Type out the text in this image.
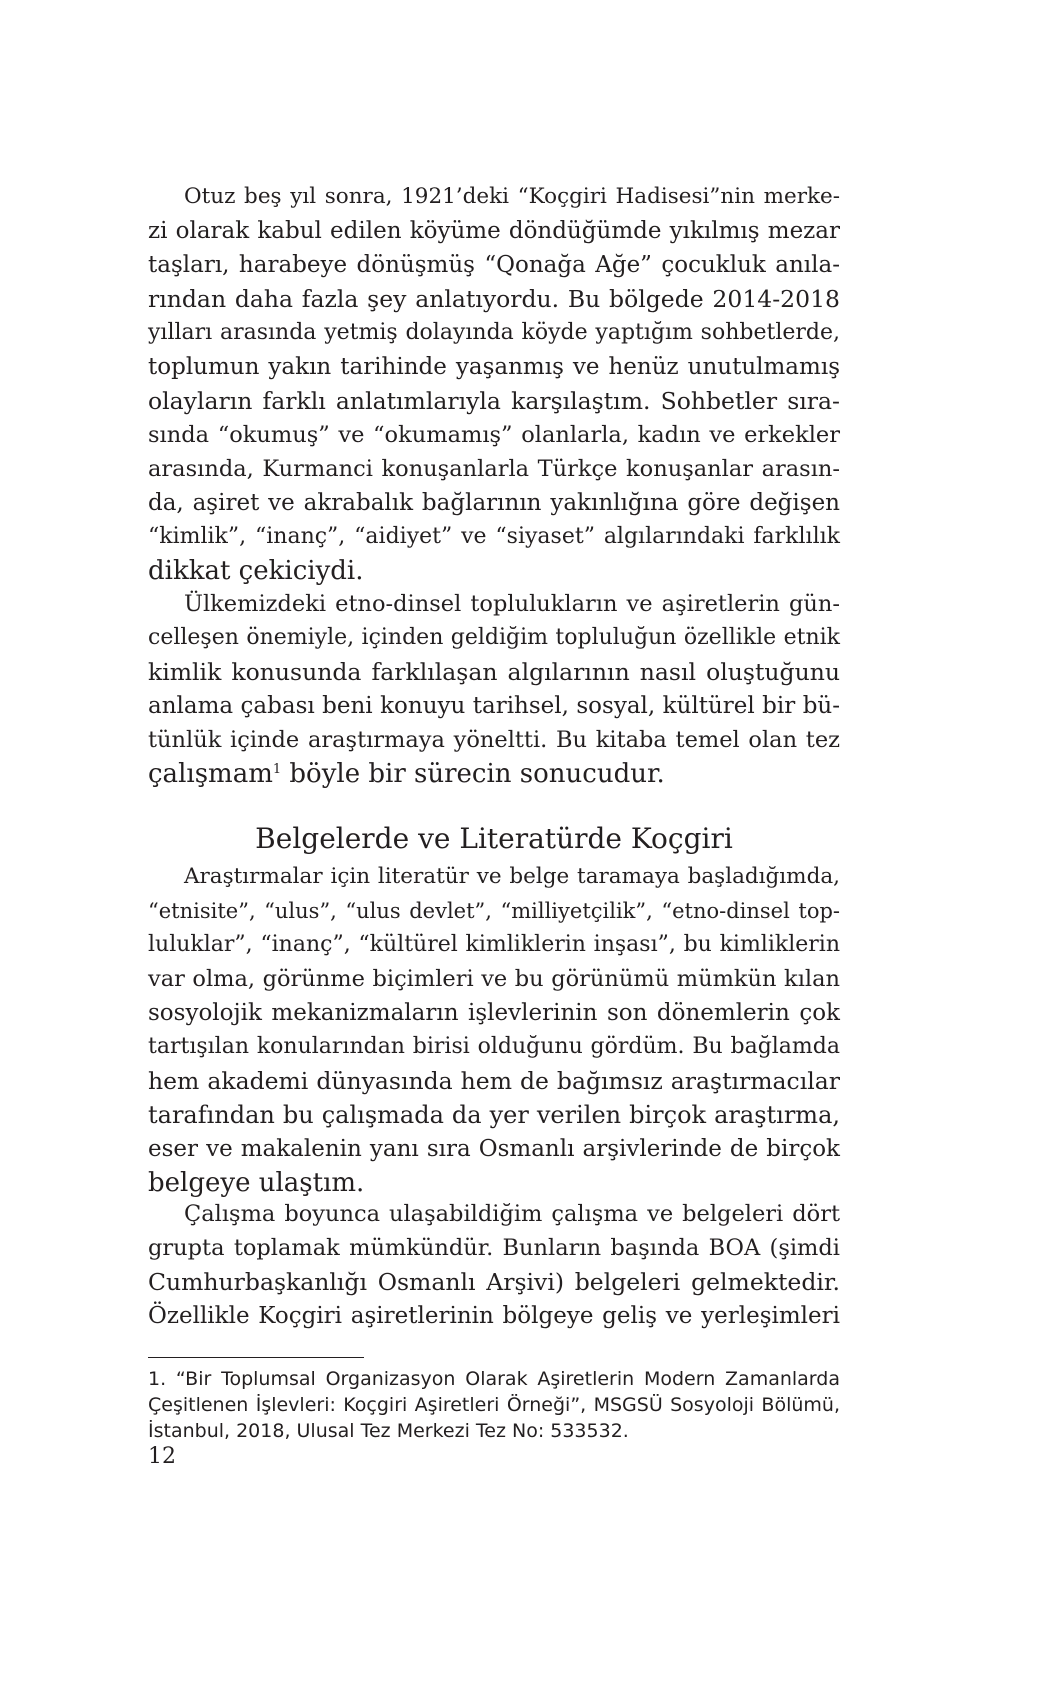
Otuz beş yıl sonra, 1921’deki “Koçgiri Hadisesi”nin merke-
zi olarak kabul edilen köyüme döndüğümde yıkılmış mezar
taşları, harabeye dönüşmüş “Qonağa Ağe” çocukluk anıla-
rından daha fazla şey anlatıyordu. Bu bölgede 2014-2018
yılları arasında yetmiş dolayında köyde yaptığım sohbetlerde,
toplumun yakın tarihinde yaşanmış ve henüz unutulmamış
olayların farklı anlatımlarıyla karşılaştım. Sohbetler sıra-
sında “okumuş” ve “okumamış” olanlarla, kadın ve erkekler
arasında, Kurmanci konuşanlarla Türkçe konuşanlar arasın-
da, aşiret ve akrabalık bağlarının yakınlığına göre değişen
“kimlik”, “inanç”, “aidiyet” ve “siyaset” algılarındaki farklılık
dikkat çekiciydi.
Ülkemizdeki etno-dinsel toplulukların ve aşiretlerin gün-
celleşen önemiyle, içinden geldiğim topluluğun özellikle etnik
kimlik konusunda farklılaşan algılarının nasıl oluştuğunu
anlama çabası beni konuyu tarihsel, sosyal, kültürel bir bü-
tünlük içinde araştırmaya yöneltti. Bu kitaba temel olan tez
çalışmam$^1$ böyle bir sürecin sonucudur.
Belgelerde ve Literatürde Koçgiri
Araştırmalar için literatür ve belge taramaya başladığımda,
“etnisite”, “ulus”, “ulus devlet”, “milliyetçilik”, “etno-dinsel top-
luluklar”, “inanç”, “kültürel kimliklerin inşası”, bu kimliklerin
var olma, görünme biçimleri ve bu görünümü mümkün kılan
sosyolojik mekanizmaların işlevlerinin son dönemlerin çok
tartışılan konularından birisi olduğunu gördüm. Bu bağlamda
hem akademi dünyasında hem de bağımsız araştırmacılar
tarafından bu çalışmada da yer verilen birçok araştırma,
eser ve makalenin yanı sıra Osmanlı arşivlerinde de birçok
belgeye ulaştım.
Çalışma boyunca ulaşabildiğim çalışma ve belgeleri dört
grupta toplamak mümkündür. Bunların başında BOA (şimdi
Cumhurbaşkanlığı Osmanlı Arşivi) belgeleri gelmektedir.
Özellikle Koçgiri aşiretlerinin bölgeye geliş ve yerleşimleri
1. “Bir Toplumsal Organizasyon Olarak Aşiretlerin Modern Zamanlarda
Çeşitlenen İşlevleri: Koçgiri Aşiretleri Örneği”, MSGSÜ Sosyoloji Bölümü,
İstanbul, 2018, Ulusal Tez Merkezi Tez No: 533532.
12
